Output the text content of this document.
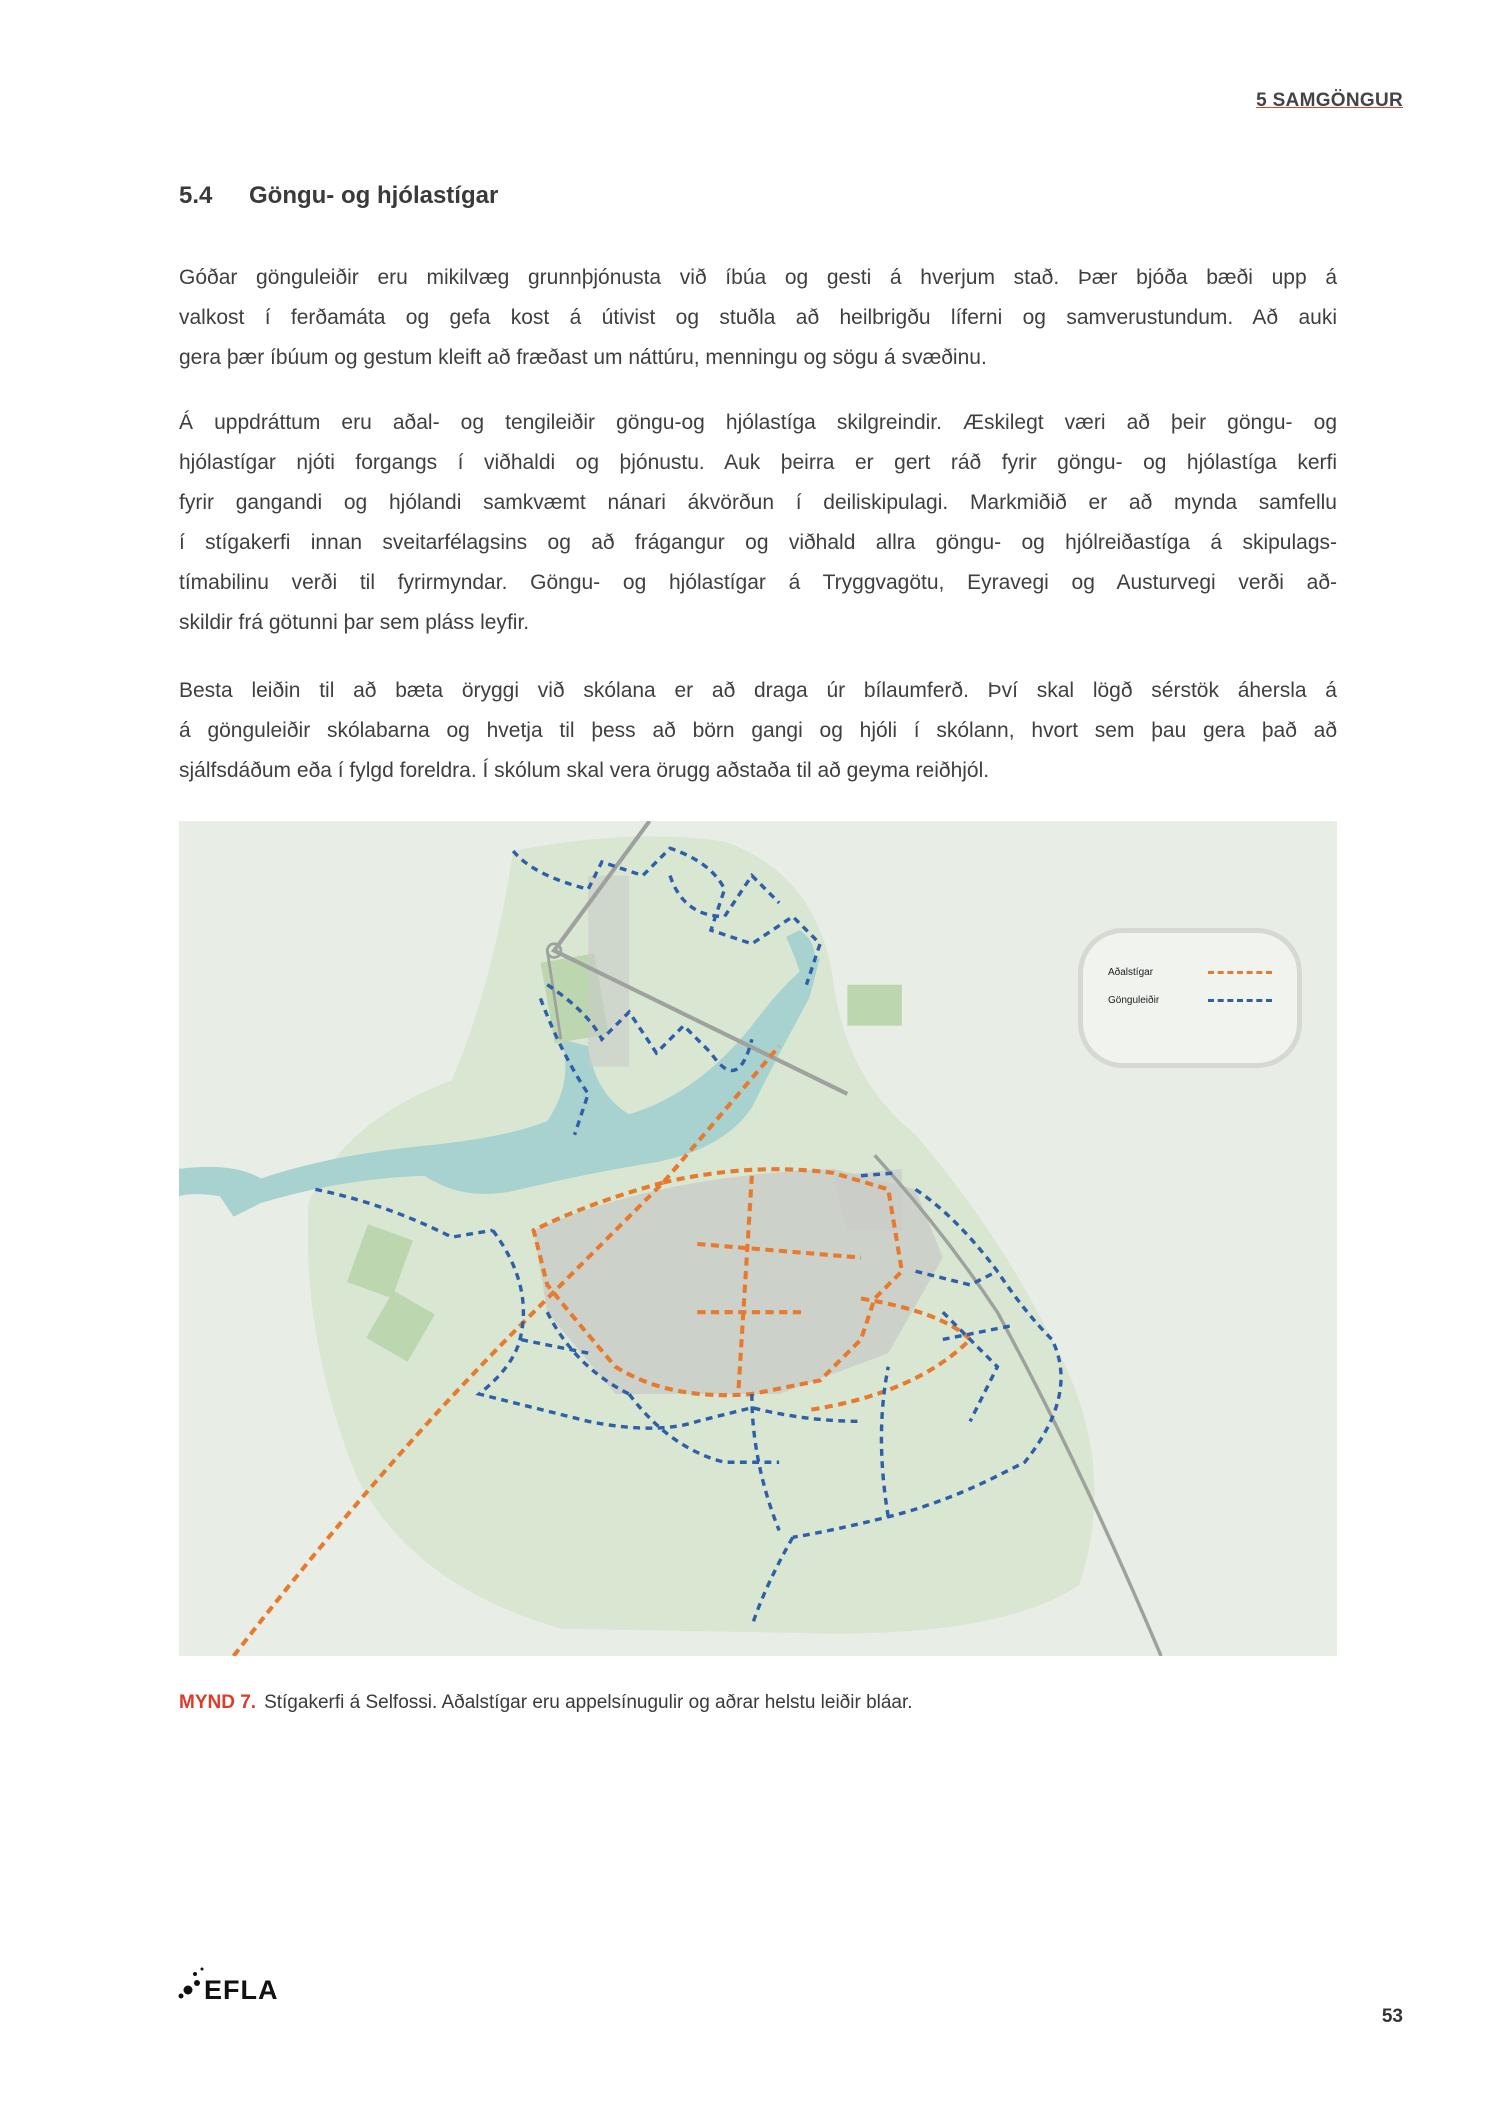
5 SAMGÖNGUR
5.4 Göngu- og hjólastígar
Góðar gönguleiðir eru mikilvæg grunnþjónusta við íbúa og gesti á hverjum stað. Þær bjóða bæði upp á
valkost í ferðamáta og gefa kost á útivist og stuðla að heilbrigðu líferni og samverustundum. Að auki
gera þær íbúum og gestum kleift að fræðast um náttúru, menningu og sögu á svæðinu.
Á uppdráttum eru aðal- og tengileiðir göngu-og hjólastíga skilgreindir. Æskilegt væri að þeir göngu- og
hjólastígar njóti forgangs í viðhaldi og þjónustu. Auk þeirra er gert ráð fyrir göngu- og hjólastíga kerfi
fyrir gangandi og hjólandi samkvæmt nánari ákvörðun í deiliskipulagi. Markmiðið er að mynda samfellu
í stígakerfi innan sveitarfélagsins og að frágangur og viðhald allra göngu- og hjólreiðastíga á skipulags-
tímabilinu verði til fyrirmyndar. Göngu- og hjólastígar á Tryggvagötu, Eyravegi og Austurvegi verði að-
skildir frá götunni þar sem pláss leyfir.
Besta leiðin til að bæta öryggi við skólana er að draga úr bílaumferð. Því skal lögð sérstök áhersla á
á gönguleiðir skólabarna og hvetja til þess að börn gangi og hjóli í skólann, hvort sem þau gera það að
sjálfsdáðum eða í fylgd foreldra. Í skólum skal vera örugg aðstaða til að geyma reiðhjól.
Aðalstígar
Gönguleiðir
MYND 7. Stígakerfi á Selfossi. Aðalstígar eru appelsínugulir og aðrar helstu leiðir bláar.
EFLA
53
